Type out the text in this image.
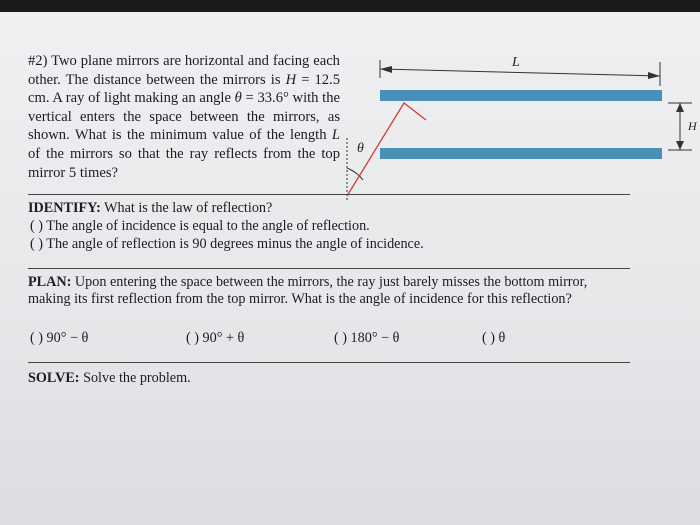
#2) Two plane mirrors are horizontal and facing each other. The distance between the mirrors is H = 12.5 cm. A ray of light making an angle θ = 33.6° with the vertical enters the space between the mirrors, as shown. What is the minimum value of the length L of the mirrors so that the ray reflects from the top mirror 5 times?
L
H
θ
IDENTIFY: What is the law of reflection?
( ) The angle of incidence is equal to the angle of reflection.
( ) The angle of reflection is 90 degrees minus the angle of incidence.
PLAN: Upon entering the space between the mirrors, the ray just barely misses the bottom mirror, making its first reflection from the top mirror. What is the angle of incidence for this reflection?
( ) 90° − θ	( ) 90° + θ	( ) 180° − θ	( ) θ
SOLVE: Solve the problem.
